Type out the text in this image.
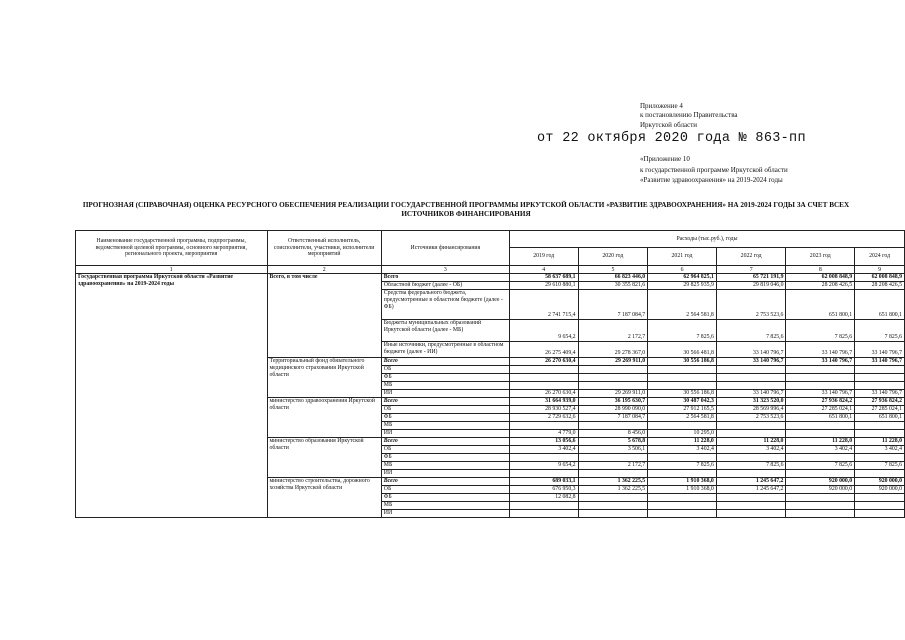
Приложение 4
к постановлению Правительства
Иркутской области
от 22 октября 2020 года № 863-пп
«Приложение 10
к государственной программе Иркутской области
«Развитие здравоохранения» на 2019-2024 годы
ПРОГНОЗНАЯ (СПРАВОЧНАЯ) ОЦЕНКА РЕСУРСНОГО ОБЕСПЕЧЕНИЯ РЕАЛИЗАЦИИ ГОСУДАРСТВЕННОЙ ПРОГРАММЫ ИРКУТСКОЙ ОБЛАСТИ «РАЗВИТИЕ ЗДРАВООХРАНЕНИЯ» НА 2019-2024 ГОДЫ ЗА СЧЕТ ВСЕХ
ИСТОЧНИКОВ ФИНАНСИРОВАНИЯ
Наименование государственной программы, подпрограммы, ведомственной целевой программы, основного мероприятия, регионального проекта, мероприятия	Ответственный исполнитель, соисполнители, участники, исполнители мероприятий	Источники финансирования	Расходы (тыс.руб.), годы					
			2019 год	2020 год	2021 год	2022 год	2023 год	2024 год
1	2	3	4	5	6	7	8	9
Государственная программа Иркутской области «Развитие здравоохранения» на 2019-2024 годы	Всего, в том числе	Всего	58 637 689,1	66 823 446,0	62 964 825,1	65 721 191,9	62 008 848,9	62 008 848,9
		Областной бюджет (далее - ОБ)	29 610 880,1	30 355 821,6	29 825 935,9	29 819 046,0	28 208 426,5	28 208 426,5
		Средства федерального бюджета, предусмотренные в областном бюджете (далее - ФБ)	2 741 715,4	7 187 084,7	2 564 581,8	2 753 523,6	651 800,1	651 800,1
		Бюджеты муниципальных образований Иркутской области (далее - МБ)	9 654,2	2 172,7	7 825,6	7 825,6	7 825,6	7 825,6
		Иные источники, предусмотренные в областном бюджете (далее - ИИ)	26 275 409,4	29 278 367,0	30 566 481,8	33 140 796,7	33 140 796,7	33 140 796,7
	Территориальный фонд обязательного медицинского страхования Иркутской области	Всего	26 270 630,4	29 269 911,0	30 556 186,8	33 140 796,7	33 140 796,7	33 140 796,7
		ОБ						
		ФБ						
		МБ						
		ИИ	26 270 630,4	29 269 911,0	30 556 186,8	33 140 796,7	33 140 796,7	33 140 796,7
	министерство здравоохранения Иркутской области	Всего	31 664 939,0	36 195 630,7	30 487 042,3	31 323 520,0	27 936 824,2	27 936 824,2
		ОБ	28 930 527,4	28 990 090,0	27 912 165,5	28 569 996,4	27 285 024,1	27 285 024,1
		ФБ	2 729 632,6	7 187 084,7	2 564 581,8	2 753 523,6	651 800,1	651 800,1
		МБ						
		ИИ	4 779,0	8 456,0	10 295,0			
	министерство образования Иркутской области	Всего	13 056,6	5 678,8	11 228,0	11 228,0	11 228,0	11 228,0
		ОБ	3 402,4	3 506,1	3 402,4	3 402,4	3 402,4	3 402,4
		ФБ						
		МБ	9 654,2	2 172,7	7 825,6	7 825,6	7 825,6	7 825,6
		ИИ						
	министерство строительства, дорожного хозяйства Иркутской области	Всего	689 033,1	1 362 225,5	1 910 368,0	1 245 647,2	920 000,0	920 000,0
		ОБ	676 950,3	1 362 225,5	1 910 368,0	1 245 647,2	920 000,0	920 000,0
		ФБ	12 082,8					
		МБ						
		ИИ						
